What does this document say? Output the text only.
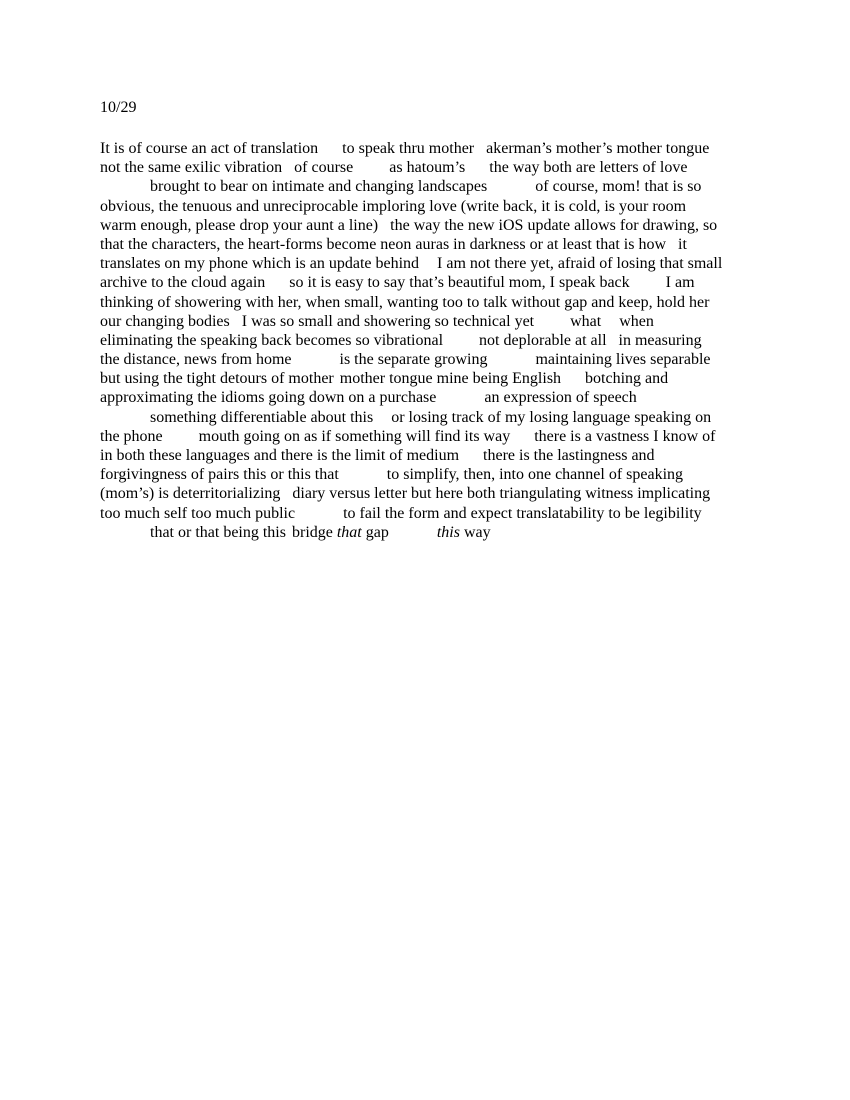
10/29
It is of course an act of translation to speak thru mother akerman’s mother’s mother tongue
not the same exilic vibration of course as hatoum’s the way both are letters of love
brought to bear on intimate and changing landscapes	of course, mom! that is so
obvious, the tenuous and unreciprocable imploring love (write back, it is cold, is your room
warm enough, please drop your aunt a line) the way the new iOS update allows for drawing, so
that the characters, the heart-forms become neon auras in darkness or at least that is how it
translates on my phone which is an update behind I am not there yet, afraid of losing that small
archive to the cloud again so it is easy to say that’s beautiful mom, I speak back I am
thinking of showering with her, when small, wanting too to talk without gap and keep, hold her
our changing bodies I was so small and showering so technical yet what when
eliminating the speaking back becomes so vibrational not deplorable at all in measuring
the distance, news from home	is the separate growing	maintaining lives separable
but using the tight detours of mother mother tongue mine being English botching and
approximating the idioms going down on a purchase	an expression of speech
something differentiable about this or losing track of my losing language speaking on
the phone mouth going on as if something will find its way there is a vastness I know of
in both these languages and there is the limit of medium there is the lastingness and
forgivingness of pairs this or this that	to simplify, then, into one channel of speaking
(mom’s) is deterritorializing diary versus letter but here both triangulating witness implicating
too much self too much public	to fail the form and expect translatability to be legibility
that or that being this bridge that gap	this way
